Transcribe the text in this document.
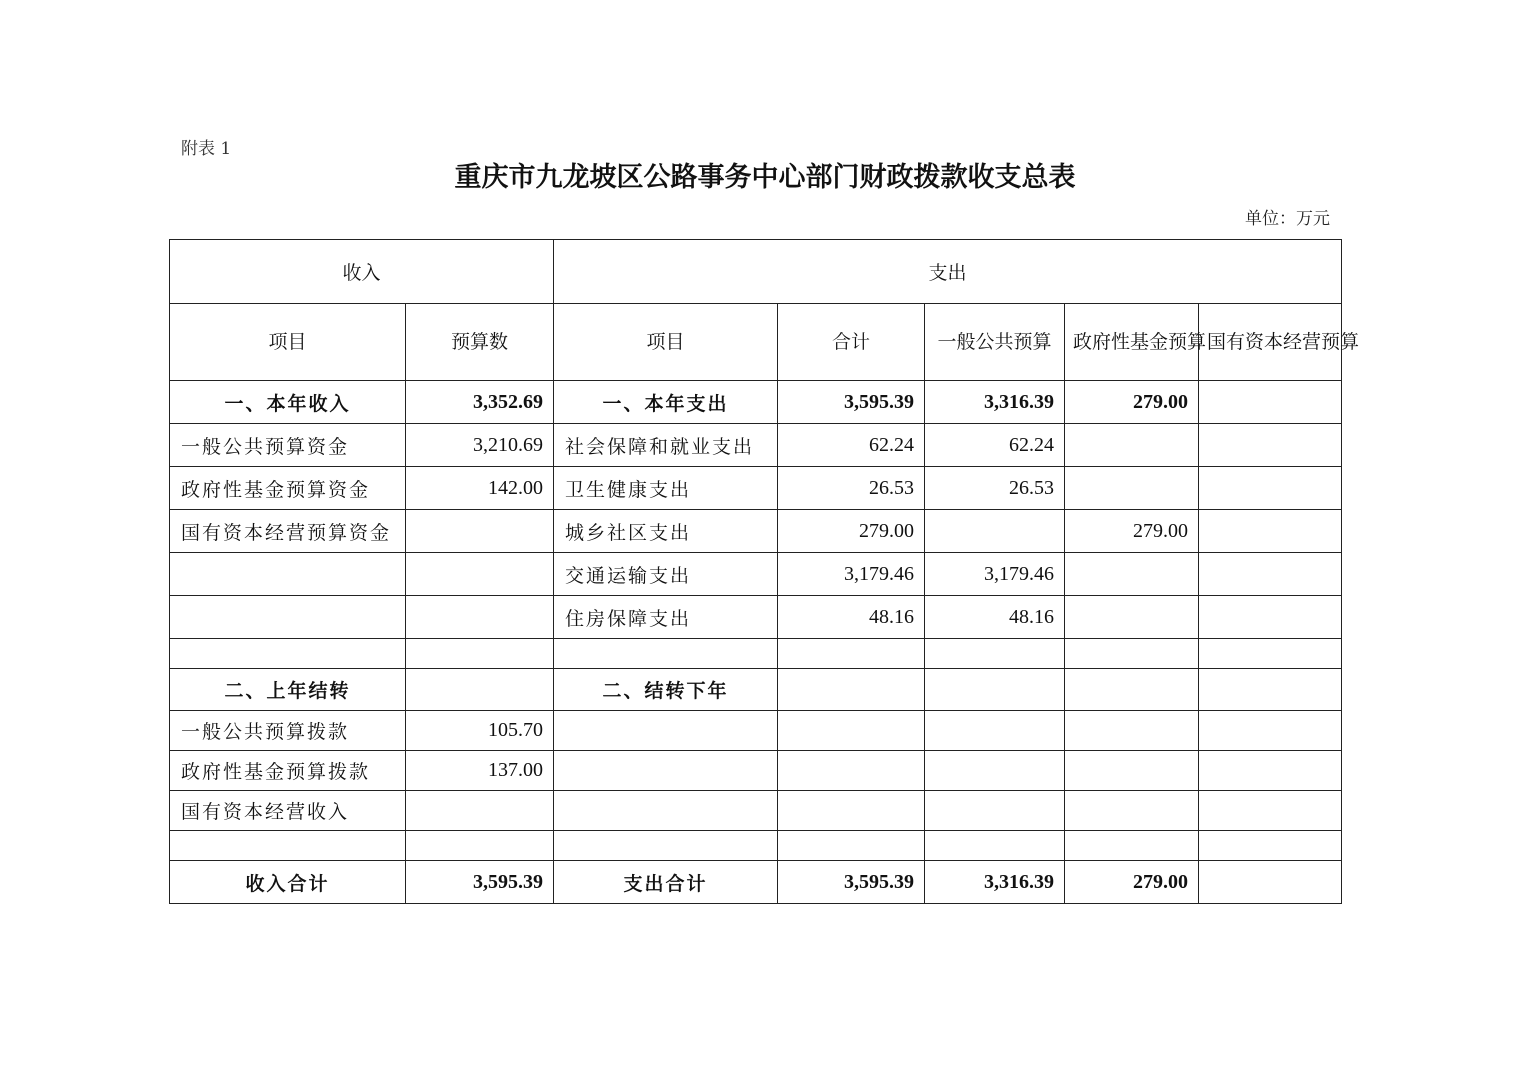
附表 1
重庆市九龙坡区公路事务中心部门财政拨款收支总表
单位：万元
收入		支出				
项目	预算数	项目	合计	一般公共预算	政府性基金预算	国有资本经营预算
一、本年收入	3,352.69	一、本年支出	3,595.39	3,316.39	279.00	
一般公共预算资金	3,210.69	社会保障和就业支出	62.24	62.24		
政府性基金预算资金	142.00	卫生健康支出	26.53	26.53		
国有资本经营预算资金		城乡社区支出	279.00		279.00	
		交通运输支出	3,179.46	3,179.46		
		住房保障支出	48.16	48.16		

二、上年结转		二、结转下年				
一般公共预算拨款	105.70					
政府性基金预算拨款	137.00					
国有资本经营收入						

收入合计	3,595.39	支出合计	3,595.39	3,316.39	279.00	
